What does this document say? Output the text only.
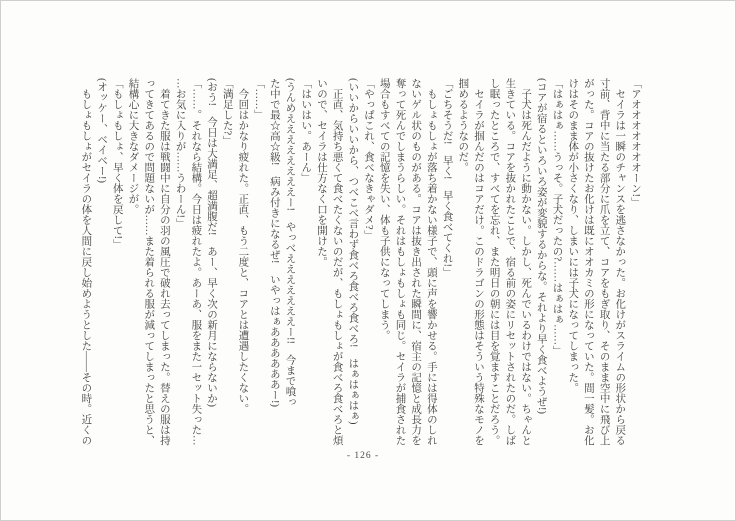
「アオオオオオオオーン!」

　セイラは一瞬のチャンスを逃さなかった。お化けがスライムの形状から戻る

寸前、背中に当たる部分に爪を立て、コアをもぎ取り、そのまま空中に飛び上

がった。コアの抜けたお化けは既にオオカミの形になっていた。間一髪。お化

けはそのまま体が小さくなり、しまいには子犬になってしまった。

「はぁはぁ……うっそ。子犬だったの?……はぁはぁ……」

(コアが宿るといろいろ姿が変貌するからな。それより早く食べようぜ!)

　子犬は死んだように動かない。しかし、死んでいるわけではない。ちゃんと

生きている。コアを抜かれたことで、宿る前の姿にリセットされたのだ。しば

し眠ったところで、すべてを忘れ、また明日の朝には目を覚ますことだろう。

　セイラが掴んだのはコアだけ。このドラゴンの形態はそういう特殊なモノを

掴めるようなのだ。

「ごちそうだ!　早く!　早く食べてくれ!」

　もしょもしょが落ち着かない様子で、頭に声を響かせる。手には得体のしれ

ないゲル状のものがある。コアは抜き出された瞬間に、宿主の記憶と成長力を

奪って死んでしまうらしい。それはもしょもしょも同じ。セイラが捕食された

場合もすべての記憶を失い、体も子供になってしまう。

「やっぱこれ、食べなきゃダメ?」

(いいからいいから、つべこべ言わず食べろ食べろ食べろ!　はぁはぁはぁ)

　正直、気持ち悪くて食べたくないのだが、もしょもしょが食べろ食べろと煩

いので、セイラは仕方なく口を開けた。

「はいはい。あーん」

(うんめええええええええー!　やっべえええええええー!!　今まで喰っ

た中で最☆高☆級!　病み付きになるぜ!　いやっはぁああああああー!)

「……」

　今回はかなり疲れた。正直、もう二度と、コアとは遭遇したくない。

「満足した?」

(おう!　今日は大満足、超満腹だ!　あー、早く次の新月にならないか)

「……。それなら結構。今日は疲れたよ。あーあ、服をまた一セット失った…

…お気に入りが……うわーん!」

　着てきた服は戦闘中に自分の羽の風圧で破れ去ってしまった。替えの服は持

ってきてあるので問題ないが……また着られる服が減ってしまったと思うと、

結構心に大きなダメージが。

「もしょもしょ、早く体を戻して!」

(オッケー、ベイベー!)

　もしょもしょがセイラの体を人間に戻し始めようとした——その時。近くの

- 126 -
